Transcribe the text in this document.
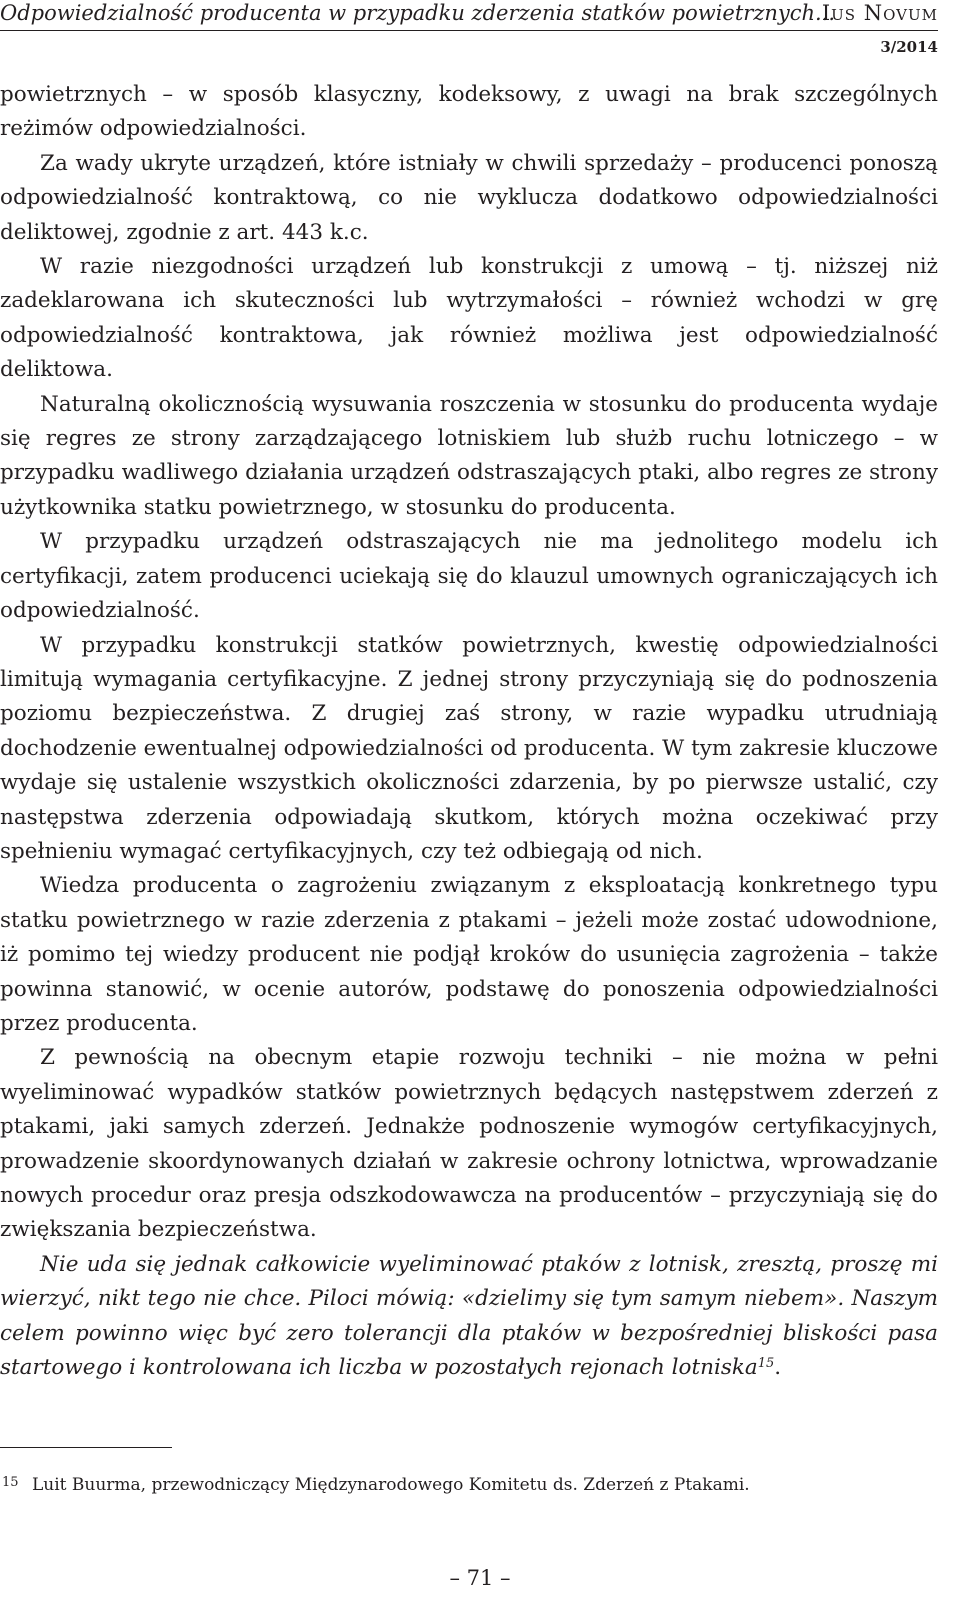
Odpowiedzialność producenta w przypadku zderzenia statków powietrznych...
Ius Novum
3/2014

powietrznych – w sposób klasyczny, kodeksowy, z uwagi na brak szczególnych reżimów odpowiedzialności.

Za wady ukryte urządzeń, które istniały w chwili sprzedaży – producenci ponoszą odpowiedzialność kontraktową, co nie wyklucza dodatkowo odpowiedzialności deliktowej, zgodnie z art. 443 k.c.

W razie niezgodności urządzeń lub konstrukcji z umową – tj. niższej niż zadeklarowana ich skuteczności lub wytrzymałości – również wchodzi w grę odpowiedzialność kontraktowa, jak również możliwa jest odpowiedzialność deliktowa.

Naturalną okolicznością wysuwania roszczenia w stosunku do producenta wydaje się regres ze strony zarządzającego lotniskiem lub służb ruchu lotniczego – w przypadku wadliwego działania urządzeń odstraszających ptaki, albo regres ze strony użytkownika statku powietrznego, w stosunku do producenta.

W przypadku urządzeń odstraszających nie ma jednolitego modelu ich certyfikacji, zatem producenci uciekają się do klauzul umownych ograniczających ich odpowiedzialność.

W przypadku konstrukcji statków powietrznych, kwestię odpowiedzialności limitują wymagania certyfikacyjne. Z jednej strony przyczyniają się do podnoszenia poziomu bezpieczeństwa. Z drugiej zaś strony, w razie wypadku utrudniają dochodzenie ewentualnej odpowiedzialności od producenta. W tym zakresie kluczowe wydaje się ustalenie wszystkich okoliczności zdarzenia, by po pierwsze ustalić, czy następstwa zderzenia odpowiadają skutkom, których można oczekiwać przy spełnieniu wymagać certyfikacyjnych, czy też odbiegają od nich.

Wiedza producenta o zagrożeniu związanym z eksploatacją konkretnego typu statku powietrznego w razie zderzenia z ptakami – jeżeli może zostać udowodnione, iż pomimo tej wiedzy producent nie podjął kroków do usunięcia zagrożenia – także powinna stanowić, w ocenie autorów, podstawę do ponoszenia odpowiedzialności przez producenta.

Z pewnością na obecnym etapie rozwoju techniki – nie można w pełni wyeliminować wypadków statków powietrznych będących następstwem zderzeń z ptakami, jaki samych zderzeń. Jednakże podnoszenie wymogów certyfikacyjnych, prowadzenie skoordynowanych działań w zakresie ochrony lotnictwa, wprowadzanie nowych procedur oraz presja odszkodowawcza na producentów – przyczyniają się do zwiększania bezpieczeństwa.

Nie uda się jednak całkowicie wyeliminować ptaków z lotnisk, zresztą, proszę mi wierzyć, nikt tego nie chce. Piloci mówią: «dzielimy się tym samym niebem». Naszym celem powinno więc być zero tolerancji dla ptaków w bezpośredniej bliskości pasa startowego i kontrolowana ich liczba w pozostałych rejonach lotniska$^{15}$.

15 Luit Buurma, przewodniczący Międzynarodowego Komitetu ds. Zderzeń z Ptakami.
– 71 –
